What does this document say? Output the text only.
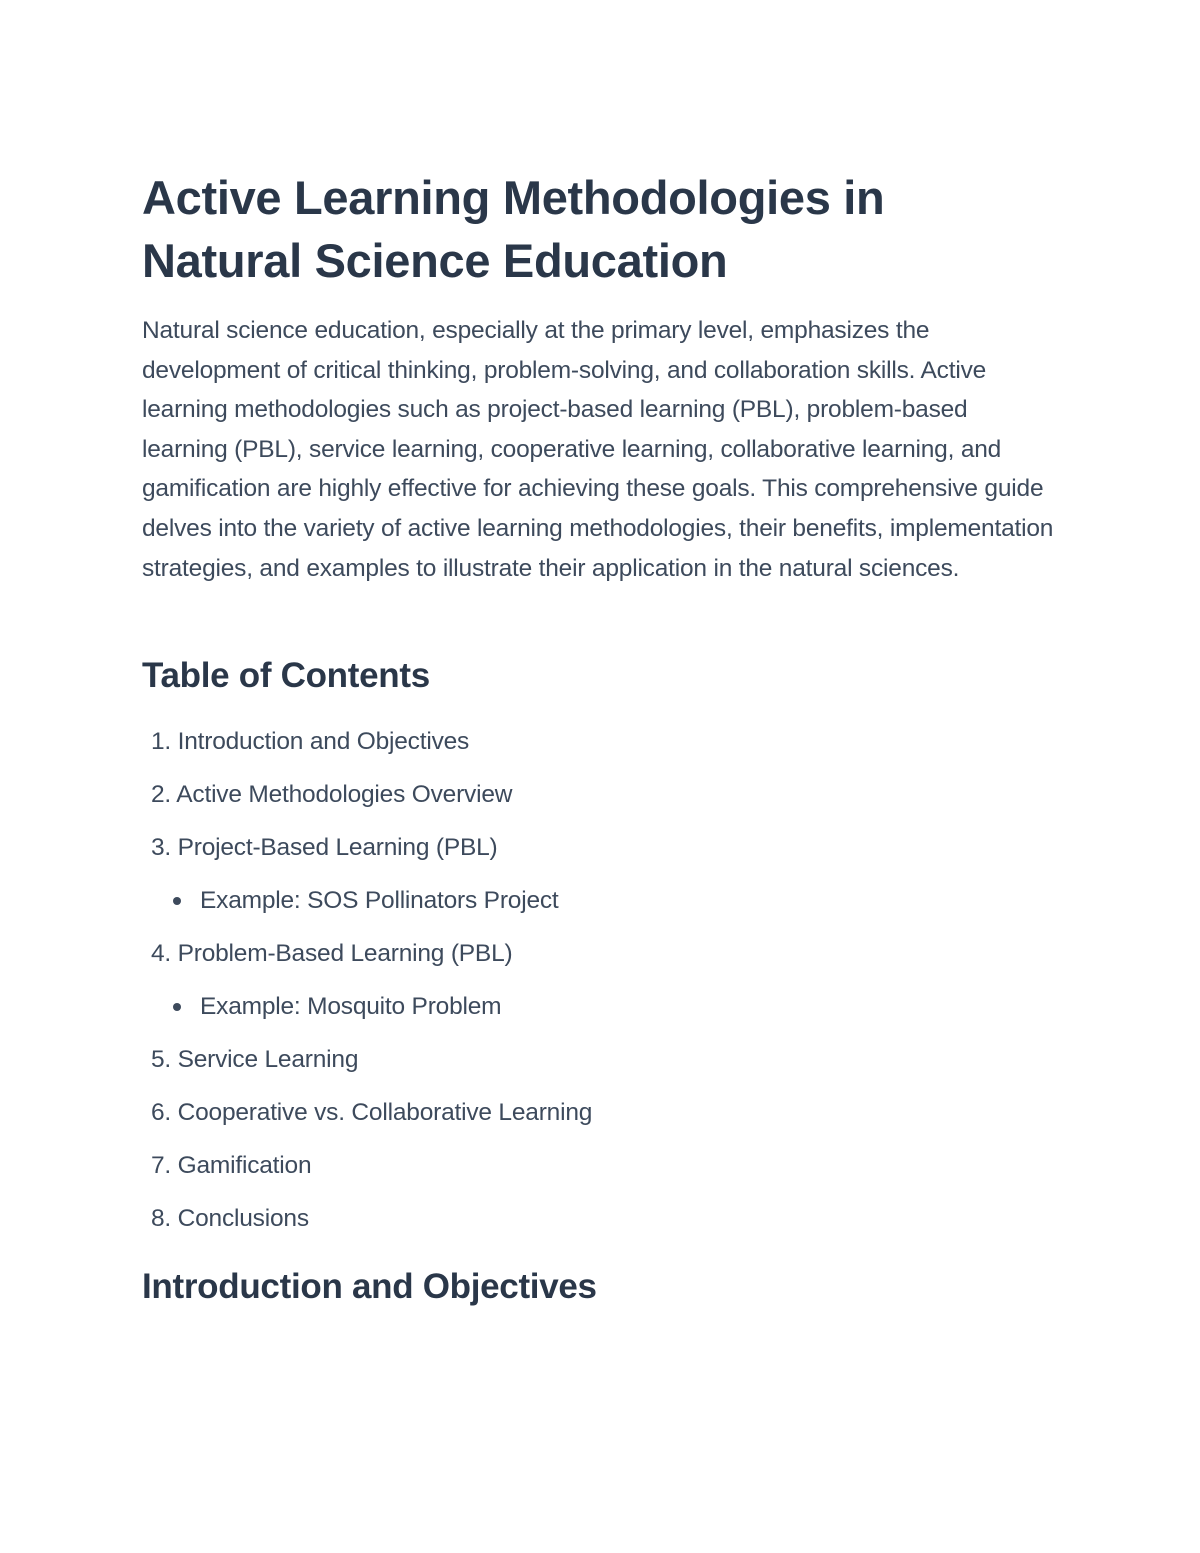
Active Learning Methodologies in Natural Science Education

Natural science education, especially at the primary level, emphasizes the development of critical thinking, problem-solving, and collaboration skills. Active learning methodologies such as project-based learning (PBL), problem-based learning (PBL), service learning, cooperative learning, collaborative learning, and gamification are highly effective for achieving these goals. This comprehensive guide delves into the variety of active learning methodologies, their benefits, implementation strategies, and examples to illustrate their application in the natural sciences.

Table of Contents
1. Introduction and Objectives
2. Active Methodologies Overview
3. Project-Based Learning (PBL)
Example: SOS Pollinators Project
4. Problem-Based Learning (PBL)
Example: Mosquito Problem
5. Service Learning
6. Cooperative vs. Collaborative Learning
7. Gamification
8. Conclusions
Introduction and Objectives
